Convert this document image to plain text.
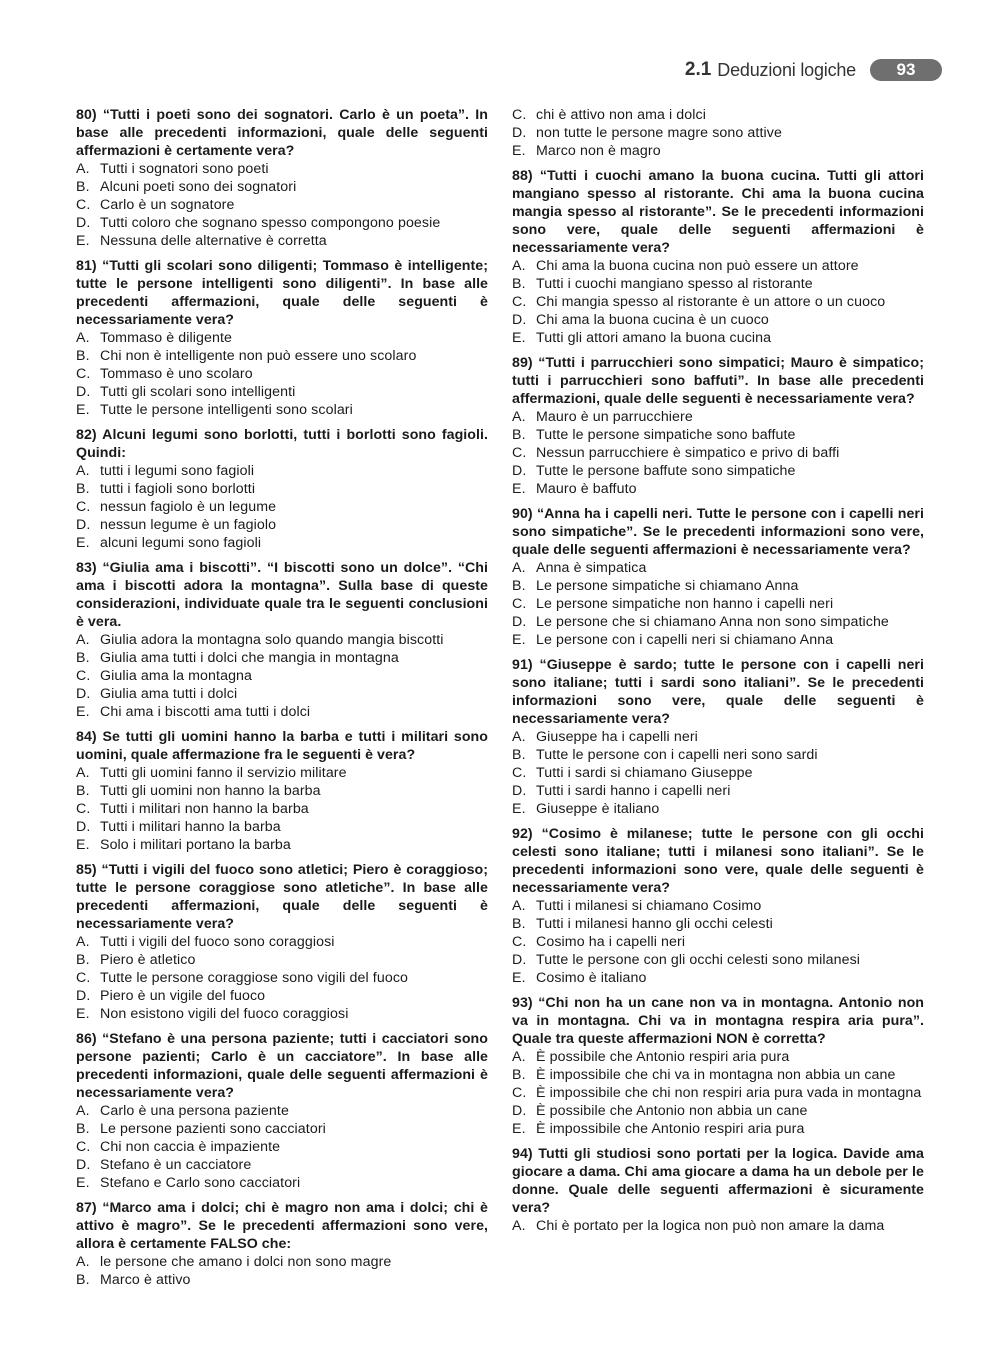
2.1 Deduzioni logiche	93
80) “Tutti i poeti sono dei sognatori. Carlo è un poeta”. In base alle precedenti informazioni, quale delle seguenti affermazioni è certamente vera?
A. Tutti i sognatori sono poeti
B. Alcuni poeti sono dei sognatori
C. Carlo è un sognatore
D. Tutti coloro che sognano spesso compongono poesie
E. Nessuna delle alternative è corretta
81) “Tutti gli scolari sono diligenti; Tommaso è intelligente; tutte le persone intelligenti sono diligenti”. In base alle precedenti affermazioni, quale delle seguenti è necessariamente vera?
A. Tommaso è diligente
B. Chi non è intelligente non può essere uno scolaro
C. Tommaso è uno scolaro
D. Tutti gli scolari sono intelligenti
E. Tutte le persone intelligenti sono scolari
82) Alcuni legumi sono borlotti, tutti i borlotti sono fagioli. Quindi:
A. tutti i legumi sono fagioli
B. tutti i fagioli sono borlotti
C. nessun fagiolo è un legume
D. nessun legume è un fagiolo
E. alcuni legumi sono fagioli
83) “Giulia ama i biscotti”. “I biscotti sono un dolce”. “Chi ama i biscotti adora la montagna”. Sulla base di queste considerazioni, individuate quale tra le seguenti conclusioni è vera.
A. Giulia adora la montagna solo quando mangia biscotti
B. Giulia ama tutti i dolci che mangia in montagna
C. Giulia ama la montagna
D. Giulia ama tutti i dolci
E. Chi ama i biscotti ama tutti i dolci
84) Se tutti gli uomini hanno la barba e tutti i militari sono uomini, quale affermazione fra le seguenti è vera?
A. Tutti gli uomini fanno il servizio militare
B. Tutti gli uomini non hanno la barba
C. Tutti i militari non hanno la barba
D. Tutti i militari hanno la barba
E. Solo i militari portano la barba
85) “Tutti i vigili del fuoco sono atletici; Piero è coraggioso; tutte le persone coraggiose sono atletiche”. In base alle precedenti affermazioni, quale delle seguenti è necessariamente vera?
A. Tutti i vigili del fuoco sono coraggiosi
B. Piero è atletico
C. Tutte le persone coraggiose sono vigili del fuoco
D. Piero è un vigile del fuoco
E. Non esistono vigili del fuoco coraggiosi
86) “Stefano è una persona paziente; tutti i cacciatori sono persone pazienti; Carlo è un cacciatore”. In base alle precedenti informazioni, quale delle seguenti affermazioni è necessariamente vera?
A. Carlo è una persona paziente
B. Le persone pazienti sono cacciatori
C. Chi non caccia è impaziente
D. Stefano è un cacciatore
E. Stefano e Carlo sono cacciatori
87) “Marco ama i dolci; chi è magro non ama i dolci; chi è attivo è magro”. Se le precedenti affermazioni sono vere, allora è certamente FALSO che:
A. le persone che amano i dolci non sono magre
B. Marco è attivo
C. chi è attivo non ama i dolci
D. non tutte le persone magre sono attive
E. Marco non è magro
88) “Tutti i cuochi amano la buona cucina. Tutti gli attori mangiano spesso al ristorante. Chi ama la buona cucina mangia spesso al ristorante”. Se le precedenti informazioni sono vere, quale delle seguenti affermazioni è necessariamente vera?
A. Chi ama la buona cucina non può essere un attore
B. Tutti i cuochi mangiano spesso al ristorante
C. Chi mangia spesso al ristorante è un attore o un cuoco
D. Chi ama la buona cucina è un cuoco
E. Tutti gli attori amano la buona cucina
89) “Tutti i parrucchieri sono simpatici; Mauro è simpatico; tutti i parrucchieri sono baffuti”. In base alle precedenti affermazioni, quale delle seguenti è necessariamente vera?
A. Mauro è un parrucchiere
B. Tutte le persone simpatiche sono baffute
C. Nessun parrucchiere è simpatico e privo di baffi
D. Tutte le persone baffute sono simpatiche
E. Mauro è baffuto
90) “Anna ha i capelli neri. Tutte le persone con i capelli neri sono simpatiche”. Se le precedenti informazioni sono vere, quale delle seguenti affermazioni è necessariamente vera?
A. Anna è simpatica
B. Le persone simpatiche si chiamano Anna
C. Le persone simpatiche non hanno i capelli neri
D. Le persone che si chiamano Anna non sono simpatiche
E. Le persone con i capelli neri si chiamano Anna
91) “Giuseppe è sardo; tutte le persone con i capelli neri sono italiane; tutti i sardi sono italiani”. Se le precedenti informazioni sono vere, quale delle seguenti è necessariamente vera?
A. Giuseppe ha i capelli neri
B. Tutte le persone con i capelli neri sono sardi
C. Tutti i sardi si chiamano Giuseppe
D. Tutti i sardi hanno i capelli neri
E. Giuseppe è italiano
92) “Cosimo è milanese; tutte le persone con gli occhi celesti sono italiane; tutti i milanesi sono italiani”. Se le precedenti informazioni sono vere, quale delle seguenti è necessariamente vera?
A. Tutti i milanesi si chiamano Cosimo
B. Tutti i milanesi hanno gli occhi celesti
C. Cosimo ha i capelli neri
D. Tutte le persone con gli occhi celesti sono milanesi
E. Cosimo è italiano
93) “Chi non ha un cane non va in montagna. Antonio non va in montagna. Chi va in montagna respira aria pura”. Quale tra queste affermazioni NON è corretta?
A. È possibile che Antonio respiri aria pura
B. È impossibile che chi va in montagna non abbia un cane
C. È impossibile che chi non respiri aria pura vada in montagna
D. È possibile che Antonio non abbia un cane
E. È impossibile che Antonio respiri aria pura
94) Tutti gli studiosi sono portati per la logica. Davide ama giocare a dama. Chi ama giocare a dama ha un debole per le donne. Quale delle seguenti affermazioni è sicuramente vera?
A. Chi è portato per la logica non può non amare la dama
